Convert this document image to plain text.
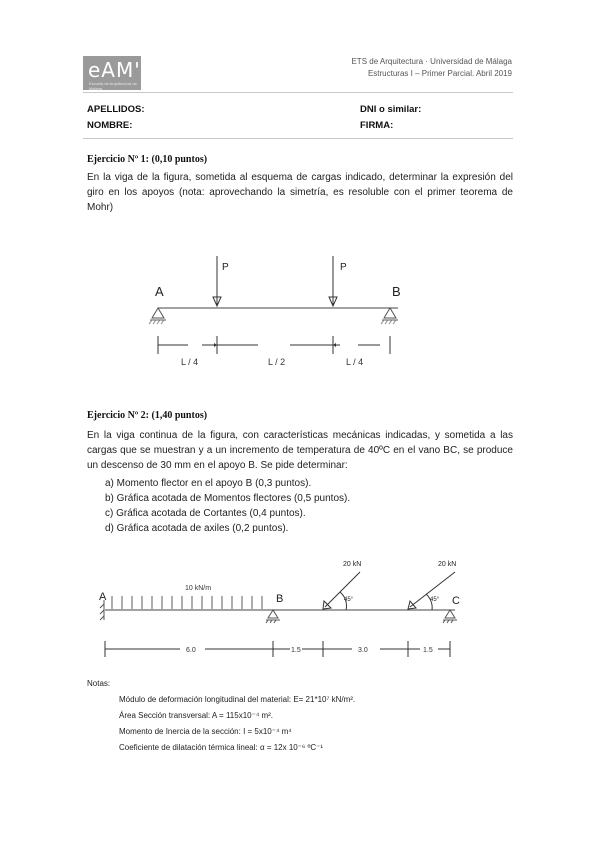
eAM'
Escuela de Arquitectura de Málaga
ETS de Arquitectura · Universidad de Málaga
Estructuras I – Primer Parcial. Abril 2019
APELLIDOS:
NOMBRE:
DNI o similar:
FIRMA:
Ejercicio Nº 1: (0,10 puntos)
En la viga de la figura, sometida al esquema de cargas indicado, determinar la expresión del giro en los apoyos (nota: aprovechando la simetría, es resoluble con el primer teorema de Mohr)
P	P
A	B
L / 4	L / 2	L / 4
Ejercicio Nº 2: (1,40 puntos)
En la viga continua de la figura, con características mecánicas indicadas, y sometida a las cargas que se muestran y a un incremento de temperatura de 40ºC en el vano BC, se produce un descenso de 30 mm en el apoyo B. Se pide determinar:
a) Momento flector en el apoyo B (0,3 puntos).
b) Gráfica acotada de Momentos flectores (0,5 puntos).
c) Gráfica acotada de Cortantes (0,4 puntos).
d) Gráfica acotada de axiles (0,2 puntos).
10 kN/m
A	B	C
20 kN
45°
20 kN
45°
6.0	1.5	3.0	1.5
Notas:
Módulo de deformación longitudinal del material: E= 21*10⁷ kN/m².
Área Sección transversal: A = 115x10⁻⁴ m².
Momento de Inercia de la sección: I = 5x10⁻⁴ m⁴
Coeficiente de dilatación térmica lineal: α = 12x 10⁻⁶ ºC⁻¹
